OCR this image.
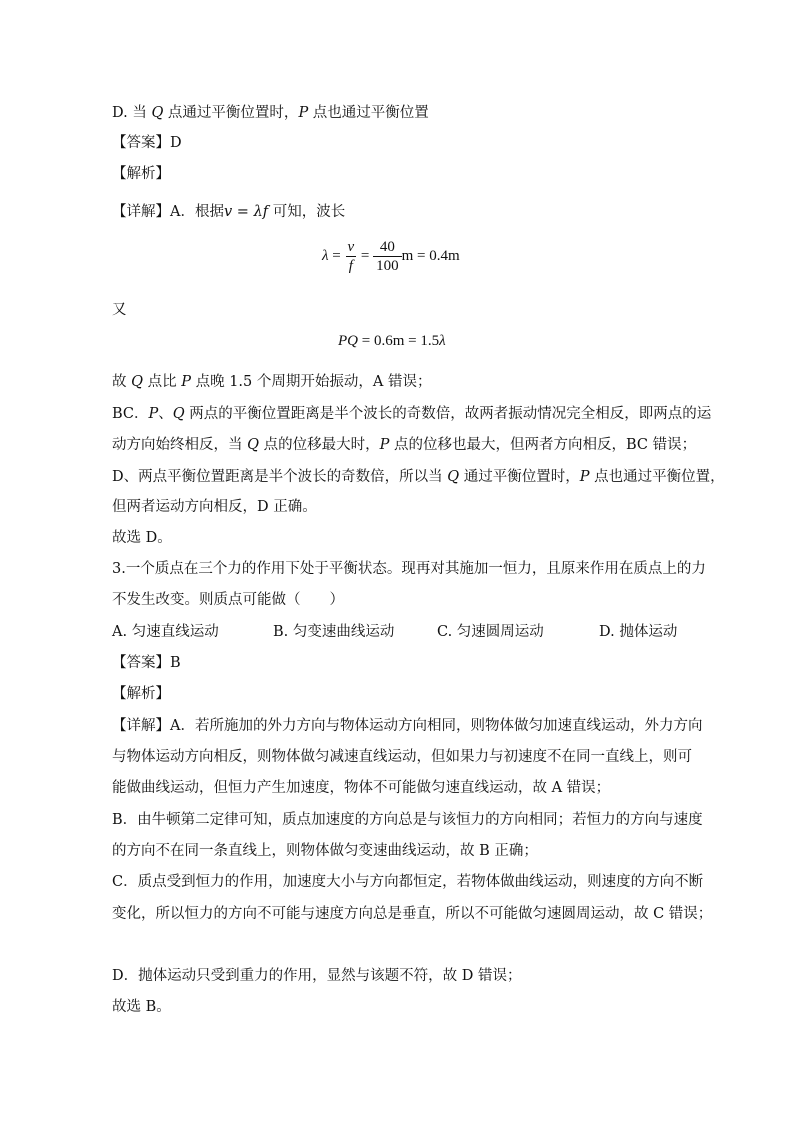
D. 当 Q 点通过平衡位置时，P 点也通过平衡位置
【答案】D
【解析】
【详解】A．根据v = λf 可知，波长
$\lambda = \frac{v}{f} = \frac{40}{100}$ m = 0.4m
又
PQ = 0.6m = 1.5λ
故 Q 点比 P 点晚 1.5 个周期开始振动，A 错误；
BC．P、Q 两点的平衡位置距离是半个波长的奇数倍，故两者振动情况完全相反，即两点的运
动方向始终相反，当 Q 点的位移最大时，P 点的位移也最大，但两者方向相反，BC 错误；
D、两点平衡位置距离是半个波长的奇数倍，所以当 Q 通过平衡位置时，P 点也通过平衡位置，
但两者运动方向相反，D 正确。
故选 D。
3.一个质点在三个力的作用下处于平衡状态。现再对其施加一恒力，且原来作用在质点上的力
不发生改变。则质点可能做（　　）
A. 匀速直线运动	B. 匀变速曲线运动	C. 匀速圆周运动	D. 抛体运动
【答案】B
【解析】
【详解】A．若所施加的外力方向与物体运动方向相同，则物体做匀加速直线运动，外力方向
与物体运动方向相反，则物体做匀减速直线运动，但如果力与初速度不在同一直线上，则可
能做曲线运动，但恒力产生加速度，物体不可能做匀速直线运动，故 A 错误；
B．由牛顿第二定律可知，质点加速度的方向总是与该恒力的方向相同；若恒力的方向与速度
的方向不在同一条直线上，则物体做匀变速曲线运动，故 B 正确；
C．质点受到恒力的作用，加速度大小与方向都恒定，若物体做曲线运动，则速度的方向不断
变化，所以恒力的方向不可能与速度方向总是垂直，所以不可能做匀速圆周运动，故 C 错误；
D．抛体运动只受到重力的作用，显然与该题不符，故 D 错误；
故选 B。
